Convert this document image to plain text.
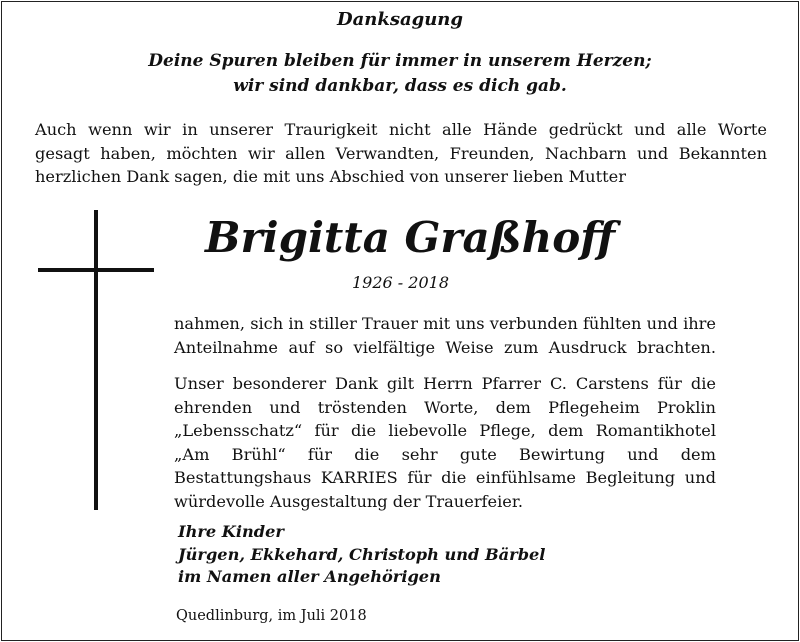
Danksagung
Deine Spuren bleiben für immer in unserem Herzen;
wir sind dankbar, dass es dich gab.
Auch wenn wir in unserer Traurigkeit nicht alle Hände gedrückt und alle Worte
gesagt haben, möchten wir allen Verwandten, Freunden, Nachbarn und Bekannten
herzlichen Dank sagen, die mit uns Abschied von unserer lieben Mutter
Brigitta Graßhoff
1926 - 2018
nahmen, sich in stiller Trauer mit uns verbunden fühlten und ihre
Anteilnahme auf so vielfältige Weise zum Ausdruck brachten.
Unser besonderer Dank gilt Herrn Pfarrer C. Carstens für die
ehrenden und tröstenden Worte, dem Pflegeheim Proklin
„Lebensschatz“ für die liebevolle Pflege, dem Romantikhotel
„Am Brühl“ für die sehr gute Bewirtung und dem
Bestattungshaus KARRIES für die einfühlsame Begleitung und
würdevolle Ausgestaltung der Trauerfeier.
Ihre Kinder
Jürgen, Ekkehard, Christoph und Bärbel
im Namen aller Angehörigen
Quedlinburg, im Juli 2018
